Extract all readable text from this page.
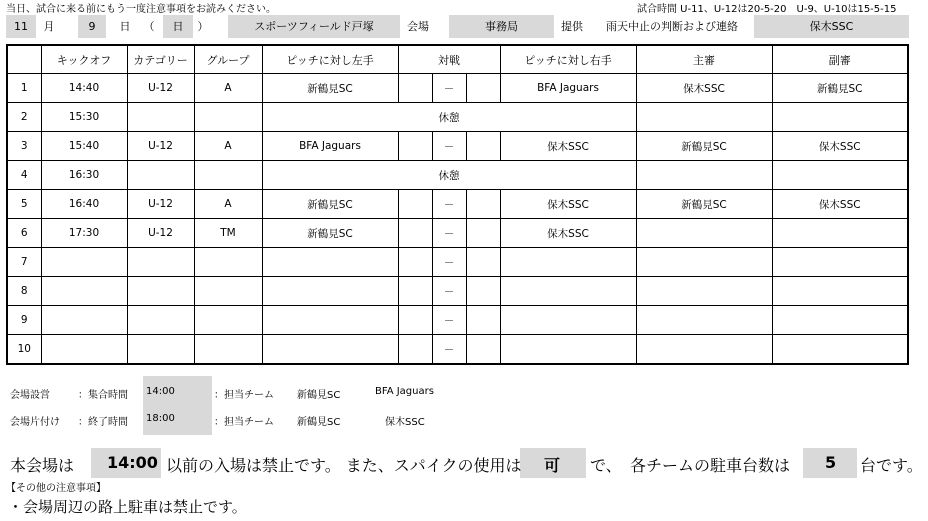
当日、試合に来る前にもう一度注意事項をお読みください。	試合時間 U-11、U-12は20-5-20　U-9、U-10は15-5-15
11	月	9	日	（	日	）	スポーツフィールド戸塚	会場	事務局	提供	雨天中止の判断および連絡	保木SSC
	キックオフ	カテゴリー	グループ	ピッチに対し左手	対戦			ピッチに対し右手	主審	副審
1	14:40	U-12	A	新鶴見SC		－		BFA Jaguars	保木SSC	新鶴見SC
2	15:30			休憩						
3	15:40	U-12	A	BFA Jaguars		－		保木SSC	新鶴見SC	保木SSC
4	16:30			休憩						
5	16:40	U-12	A	新鶴見SC		－		保木SSC	新鶴見SC	保木SSC
6	17:30	U-12	TM	新鶴見SC		－		保木SSC		
7						－				
8						－				
9						－				
10						－				
会場設営	：集合時間 14:00	：担当チーム 新鶴見SC	BFA Jaguars
会場片付け ：終了時間 18:00	：担当チーム 新鶴見SC	保木SSC
本会場は 14:00 以前の入場は禁止です。 また、スパイクの使用は 可 で、 各チームの駐車台数は 5 台です。
【その他の注意事項】
・会場周辺の路上駐車は禁止です。
